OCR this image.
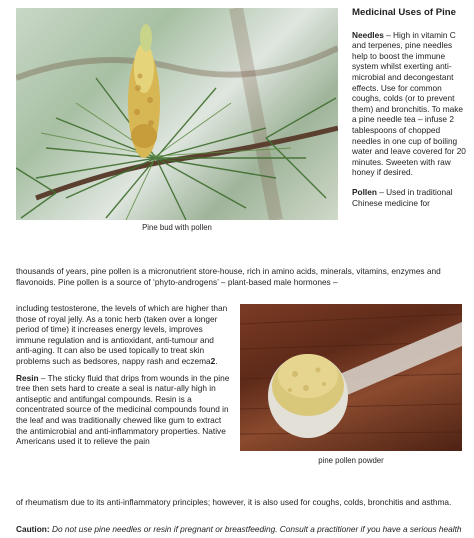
Pine bud with pollen
Medicinal Uses of Pine

Needles – High in vitamin C and terpenes, pine needles help to boost the immune system whilst exerting anti-microbial and decongestant effects. Use for common coughs, colds (or to prevent them) and bronchitis. To make a pine needle tea – infuse 2 tablespoons of chopped needles in one cup of boiling water and leave covered for 20 minutes. Sweeten with raw honey if desired.

Pollen – Used in traditional Chinese medicine for

thousands of years, pine pollen is a micronutrient store-house, rich in amino acids, minerals, vitamins, enzymes and flavonoids. Pine pollen is a source of ‘phyto-androgens’ – plant-based male hormones –

including testosterone, the levels of which are higher than those of royal jelly. As a tonic herb (taken over a longer period of time) it increases energy levels, improves immune regulation and is antioxidant, anti-tumour and anti-aging. It can also be used topically to treat skin problems such as bedsores, nappy rash and eczema2.

Resin – The sticky fluid that drips from wounds in the pine tree then sets hard to create a seal is natur-ally high in antiseptic and antifungal compounds. Resin is a concentrated source of the medicinal compounds found in the leaf and was traditionally chewed like gum to extract the antimicrobial and anti-inflammatory properties. Native Americans used it to relieve the pain

pine pollen powder
of rheumatism due to its anti-inflammatory principles; however, it is also used for coughs, colds, bronchitis and asthma.
Caution: Do not use pine needles or resin if pregnant or breastfeeding. Consult a practitioner if you have a serious health
